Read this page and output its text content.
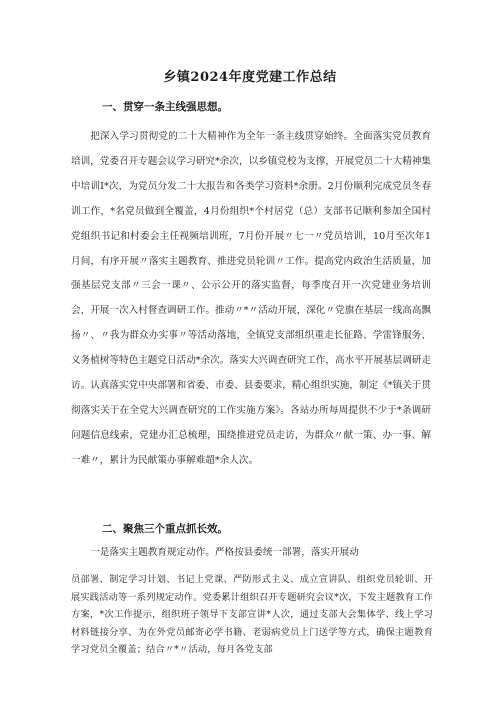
乡镇2024年度党建工作总结
一、贯穿一条主线强思想。

把深入学习贯彻党的二十大精神作为全年一条主线贯穿始终。全面落实党员教育培训，党委召开专题会议学习研究*余次，以乡镇党校为支撑，开展党员二十大精神集中培训I*次，为党员分发二十大报告和各类学习资料*余册。2月份顺利完成党员冬春训工作，*名党员做到全覆盖，4月份组织*个村居党（总）支部书记顺利参加全国村党组织书记和村委会主任视频培训班，7月份开展〃七一〃党员培训，10月至次年1月间，有序开展〃落实主题教育、推进党员轮训〃工作。提高党内政治生活质量，加强基层党支部〃三会一课〃、公示公开的落实监督，每季度召开一次党建业务培训会，开展一次入村督查调研工作。推动〃*〃活动开展，深化〃党旗在基层一线高高飘扬〃、〃我为群众办实事〃等活动落地，全镇党支部组织重走长征路、学雷锋服务、义务植树等特色主题党日活动*余次。落实大兴调查研究工作，高水平开展基层调研走访。认真落实党中央部署和省委、市委、县委要求，精心组织实施，制定《*镇关于贯彻落实关于在全党大兴调查研究的工作实施方案》。各站办所每周提供不少于*条调研问题信息线索，党建办汇总梳理，围绕推进党员走访，为群众〃献一策、办一事、解一难〃，累计为民献策办事解难超*余人次。

二、聚焦三个重点抓长效。

一是落实主题教育规定动作。严格按县委统一部署，落实开展动

员部署、制定学习计划、书记上党课、严防形式主义、成立宣讲队、组织党员轮训、开展实践活动等一系列规定动作。党委累计组织召开专题研究会议*次，下发主题教育工作方案，*次工作提示，组织班子领导下支部宣讲*人次，通过支部大会集体学、线上学习材料链接分享、为在外党员邮寄必学书籍、老弱病党员上门送学等方式，确保主题教育学习党员全覆盖；结合〃*〃活动，每月各党支部
